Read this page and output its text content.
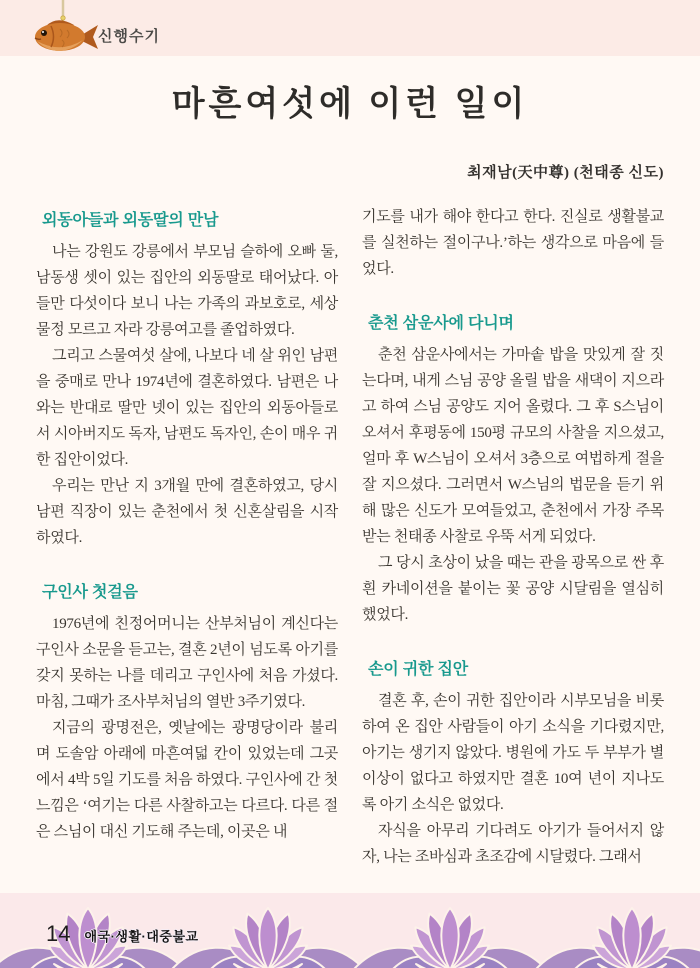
신행수기
마흔여섯에 이런 일이
최재남(天中尊) (천태종 신도)
외동아들과 외동딸의 만남

나는 강원도 강릉에서 부모님 슬하에 오빠 둘, 남동생 셋이 있는 집안의 외동딸로 태어났다. 아들만 다섯이다 보니 나는 가족의 과보호로, 세상 물정 모르고 자라 강릉여고를 졸업하였다.

그리고 스물여섯 살에, 나보다 네 살 위인 남편을 중매로 만나 1974년에 결혼하였다. 남편은 나와는 반대로 딸만 넷이 있는 집안의 외동아들로서 시아버지도 독자, 남편도 독자인, 손이 매우 귀한 집안이었다.

우리는 만난 지 3개월 만에 결혼하였고, 당시 남편 직장이 있는 춘천에서 첫 신혼살림을 시작하였다.

구인사 첫걸음

1976년에 친정어머니는 산부처님이 계신다는 구인사 소문을 듣고는, 결혼 2년이 넘도록 아기를 갖지 못하는 나를 데리고 구인사에 처음 가셨다. 마침, 그때가 조사부처님의 열반 3주기였다.

지금의 광명전은, 옛날에는 광명당이라 불리며 도솔암 아래에 마흔여덟 칸이 있었는데 그곳에서 4박 5일 기도를 처음 하였다. 구인사에 간 첫 느낌은 ‘여기는 다른 사찰하고는 다르다. 다른 절은 스님이 대신 기도해 주는데, 이곳은 내

기도를 내가 해야 한다고 한다. 진실로 생활불교를 실천하는 절이구나.’하는 생각으로 마음에 들었다.

춘천 삼운사에 다니며

춘천 삼운사에서는 가마솥 밥을 맛있게 잘 짓는다며, 내게 스님 공양 올릴 밥을 새댁이 지으라고 하여 스님 공양도 지어 올렸다. 그 후 S스님이 오셔서 후평동에 150평 규모의 사찰을 지으셨고, 얼마 후 W스님이 오셔서 3층으로 여법하게 절을 잘 지으셨다. 그러면서 W스님의 법문을 듣기 위해 많은 신도가 모여들었고, 춘천에서 가장 주목받는 천태종 사찰로 우뚝 서게 되었다.

그 당시 초상이 났을 때는 관을 광목으로 싼 후 흰 카네이션을 붙이는 꽃 공양 시달림을 열심히 했었다.

손이 귀한 집안

결혼 후, 손이 귀한 집안이라 시부모님을 비롯하여 온 집안 사람들이 아기 소식을 기다렸지만, 아기는 생기지 않았다. 병원에 가도 두 부부가 별 이상이 없다고 하였지만 결혼 10여 년이 지나도록 아기 소식은 없었다.

자식을 아무리 기다려도 아기가 들어서지 않자, 나는 조바심과 초조감에 시달렸다. 그래서

14 애국·생활·대중불교
